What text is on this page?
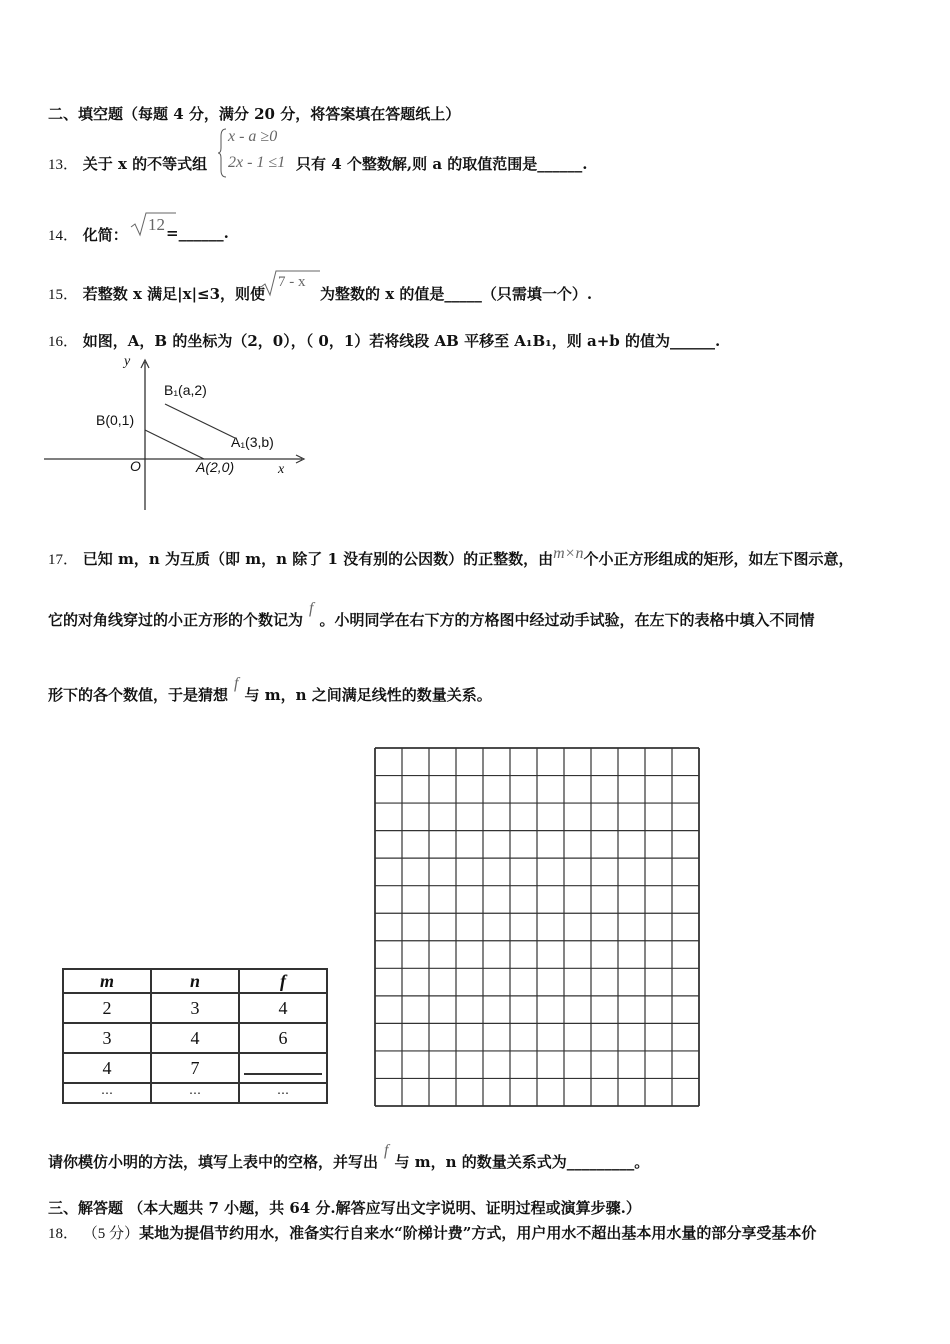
二、填空题（每题 4 分，满分 20 分，将答案填在答题纸上）
13． 关于 x 的不等式组
x - a ≥0
2x - 1 ≤1 只有 4 个整数解,则 a 的取值范围是______.
14． 化简：
12 =______.
15． 若整数 x 满足|x|≤3，则使
7 - x
为整数的 x 的值是_____（只需填一个）.
16． 如图，A，B 的坐标为（2，0），（ 0，1）若将线段 AB 平移至 A₁B₁，则 a+b 的值为______.
y
x
O
B₁(a,2)
B(0,1)
A₁(3,b)
A(2,0)
17． 已知 m，n 为互质（即 m，n 除了 1 没有别的公因数）的正整数，由m×n个小正方形组成的矩形，如左下图示意，
它的对角线穿过的小正方形的个数记为f。小明同学在右下方的方格图中经过动手试验，在左下的表格中填入不同情
形下的各个数值，于是猜想f与 m，n 之间满足线性的数量关系。
m	n	f
2	3	4
3	4	6
4	7	
⋯	⋯	⋯
请你模仿小明的方法，填写上表中的空格，并写出f与 m，n 的数量关系式为_________。
三、解答题 （本大题共 7 小题，共 64 分.解答应写出文字说明、证明过程或演算步骤.）
18． （5 分）某地为提倡节约用水，准备实行自来水“阶梯计费”方式，用户用水不超出基本用水量的部分享受基本价
